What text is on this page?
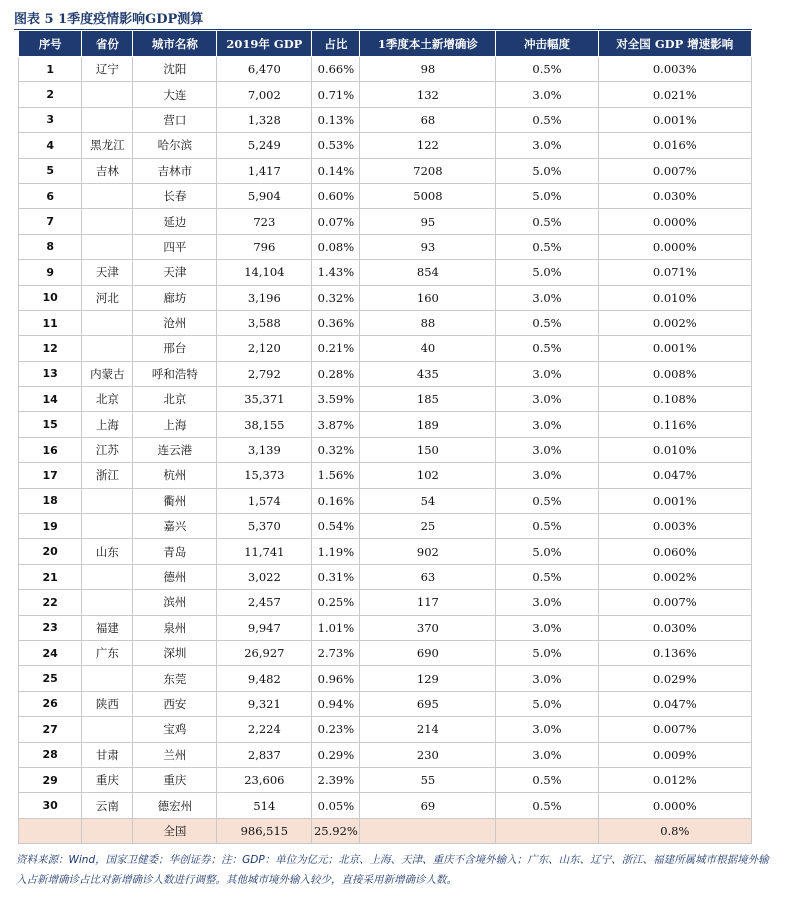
图表 5 1季度疫情影响GDP测算
序号	省份	城市名称	2019年 GDP	占比	1季度本土新增确诊	冲击幅度	对全国 GDP 增速影响
1	辽宁	沈阳	6,470	0.66%	98	0.5%	0.003%
2		大连	7,002	0.71%	132	3.0%	0.021%
3		营口	1,328	0.13%	68	0.5%	0.001%
4	黑龙江	哈尔滨	5,249	0.53%	122	3.0%	0.016%
5	吉林	吉林市	1,417	0.14%	7208	5.0%	0.007%
6		长春	5,904	0.60%	5008	5.0%	0.030%
7		延边	723	0.07%	95	0.5%	0.000%
8		四平	796	0.08%	93	0.5%	0.000%
9	天津	天津	14,104	1.43%	854	5.0%	0.071%
10	河北	廊坊	3,196	0.32%	160	3.0%	0.010%
11		沧州	3,588	0.36%	88	0.5%	0.002%
12		邢台	2,120	0.21%	40	0.5%	0.001%
13	内蒙古	呼和浩特	2,792	0.28%	435	3.0%	0.008%
14	北京	北京	35,371	3.59%	185	3.0%	0.108%
15	上海	上海	38,155	3.87%	189	3.0%	0.116%
16	江苏	连云港	3,139	0.32%	150	3.0%	0.010%
17	浙江	杭州	15,373	1.56%	102	3.0%	0.047%
18		衢州	1,574	0.16%	54	0.5%	0.001%
19		嘉兴	5,370	0.54%	25	0.5%	0.003%
20	山东	青岛	11,741	1.19%	902	5.0%	0.060%
21		德州	3,022	0.31%	63	0.5%	0.002%
22		滨州	2,457	0.25%	117	3.0%	0.007%
23	福建	泉州	9,947	1.01%	370	3.0%	0.030%
24	广东	深圳	26,927	2.73%	690	5.0%	0.136%
25		东莞	9,482	0.96%	129	3.0%	0.029%
26	陕西	西安	9,321	0.94%	695	5.0%	0.047%
27		宝鸡	2,224	0.23%	214	3.0%	0.007%
28	甘肃	兰州	2,837	0.29%	230	3.0%	0.009%
29	重庆	重庆	23,606	2.39%	55	0.5%	0.012%
30	云南	德宏州	514	0.05%	69	0.5%	0.000%
		全国	986,515	25.92%			0.8%
资料来源：Wind，国家卫健委；华创证券；注：GDP：单位为亿元；北京、上海、天津、重庆不含境外输入；广东、山东、辽宁、浙江、福建所属城市根据境外输入占新增确诊占比对新增确诊人数进行调整。其他城市境外输入较少，直接采用新增确诊人数。
